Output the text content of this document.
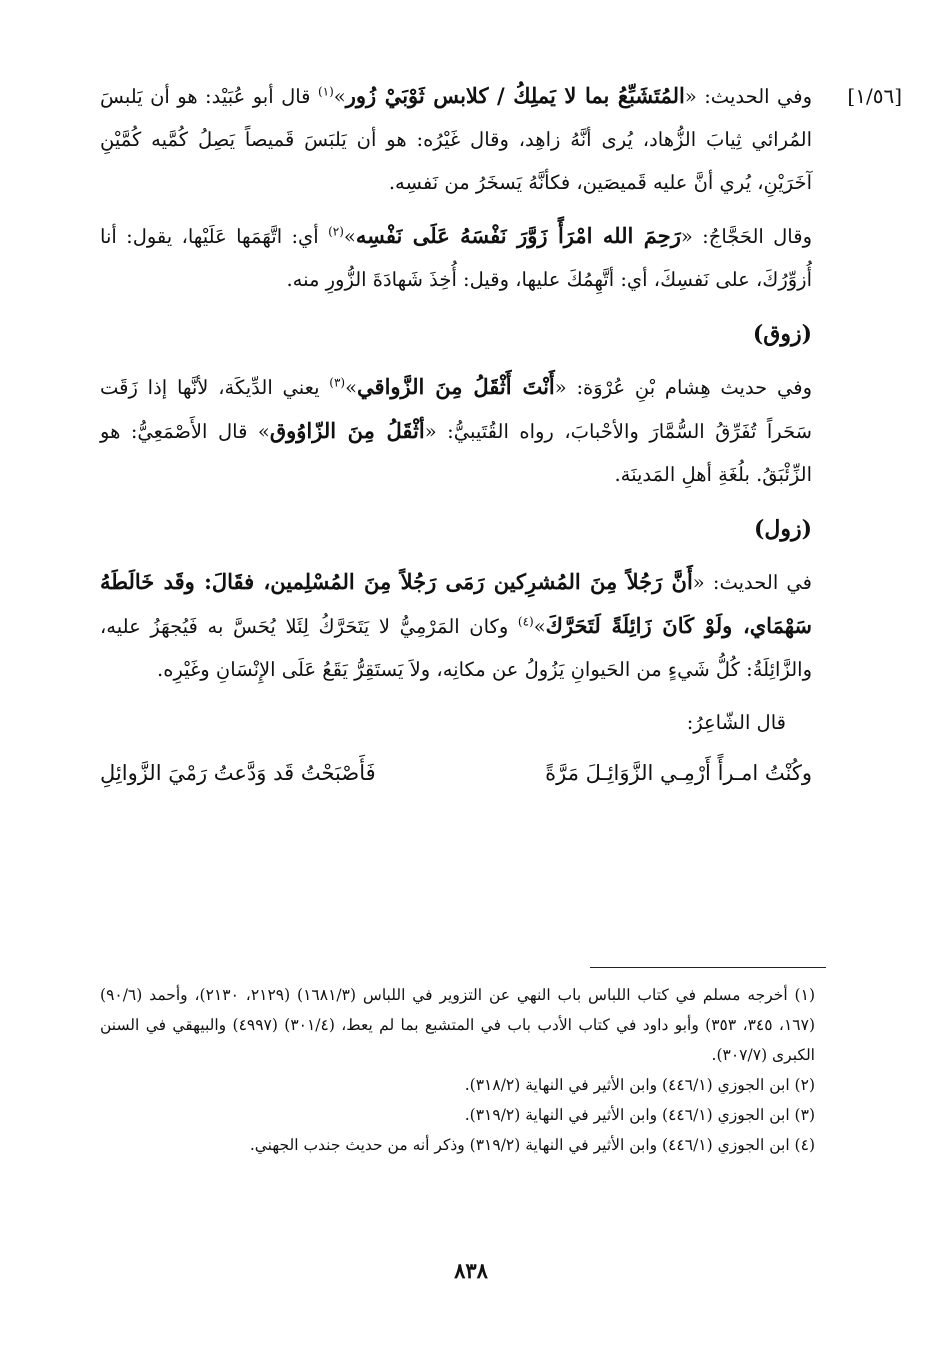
[١/٥٦]

وفي الحديث: «المُتَشَبِّعُ بما لا يَملِكُ / كلابس ثَوْبَيْ زُور»$^{(١)}$ قال أبو عُبَيْد: هو أن يَلبسَ المُرائي ثِيابَ الزُّهاد، يُرى أنَّهُ زاهِد، وقال غَيْرُه: هو أن يَلبَسَ قَميصاً يَصِلُ كُمَّيه كُمَّيْنِ آخَرَيْنِ، يُري أنَّ عليه قَميصَين، فكأنَّهُ يَسخَرُ من نَفسِه.

وقال الحَجَّاجُ: «رَحِمَ الله امْرَأً زَوَّرَ نَفْسَهُ عَلَى نَفْسِه»$^{(٢)}$ أي: اتَّهَمَها عَلَيْها، يقول: أنا أُزوِّرُكَ، على نَفسِكَ، أي: أتَّهِمُكَ عليها، وقيل: أُخِذَ شَهادَةَ الزُّورِ منه.

(زوق)

وفي حديث هِشام بْنِ عُرْوَة: «أَنْتَ أَثْقَلُ مِنَ الزَّواقي»$^{(٣)}$ يعني الدِّيكَة، لأنَّها إذا زَقَت سَحَراً تُفَرِّقُ السُّمَّارَ والأحْبابَ، رواه القُتَيبيُّ: «أثْقَلُ مِنَ الزّاوُوق» قال الأَصْمَعِيُّ: هو الزِّئْبَقُ. بلُغَةِ أهلِ المَدينَة.

(زول)

في الحديث: «أَنَّ رَجُلاً مِنَ المُشرِكين رَمَى رَجُلاً مِنَ المُسْلِمين، فقَالَ: وقَد خَالَطَهُ سَهْمَاي، ولَوْ كَانَ زَائِلَةً لَتَحَرَّكَ»$^{(٤)}$ وكان المَرْمِيُّ لا يَتَحَرَّكُ لِئَلا يُحَسَّ به فَيُجهَزُ عليه، والزَّائِلَةُ: كُلُّ شَيءٍ من الحَيوانِ يَزُولُ عن مكانِه، ولاَ يَستَقِرُّ يَقَعُ عَلَى الإِنْسَانِ وغَيْرِه.

قال الشّاعِرُ:

وكُنْتُ امـرأً أَرْمِـي الزَّوَائِـلَ مَرَّةً
فَأَصْبَحْتُ قَد وَدَّعتُ رَمْيَ الزَّوائِلِ

(١) أخرجه مسلم في كتاب اللباس باب النهي عن التزوير في اللباس (١٦٨١/٣) (٢١٢٩، ٢١٣٠)، وأحمد (٩٠/٦) (١٦٧، ٣٤٥، ٣٥٣) وأبو داود في كتاب الأدب باب في المتشبع بما لم يعط، (٣٠١/٤) (٤٩٩٧) والبيهقي في السنن الكبرى (٣٠٧/٧).

(٢) ابن الجوزي (٤٤٦/١) وابن الأثير في النهاية (٣١٨/٢).

(٣) ابن الجوزي (٤٤٦/١) وابن الأثير في النهاية (٣١٩/٢).

(٤) ابن الجوزي (٤٤٦/١) وابن الأثير في النهاية (٣١٩/٢) وذكر أنه من حديث جندب الجهني.

٨٣٨
